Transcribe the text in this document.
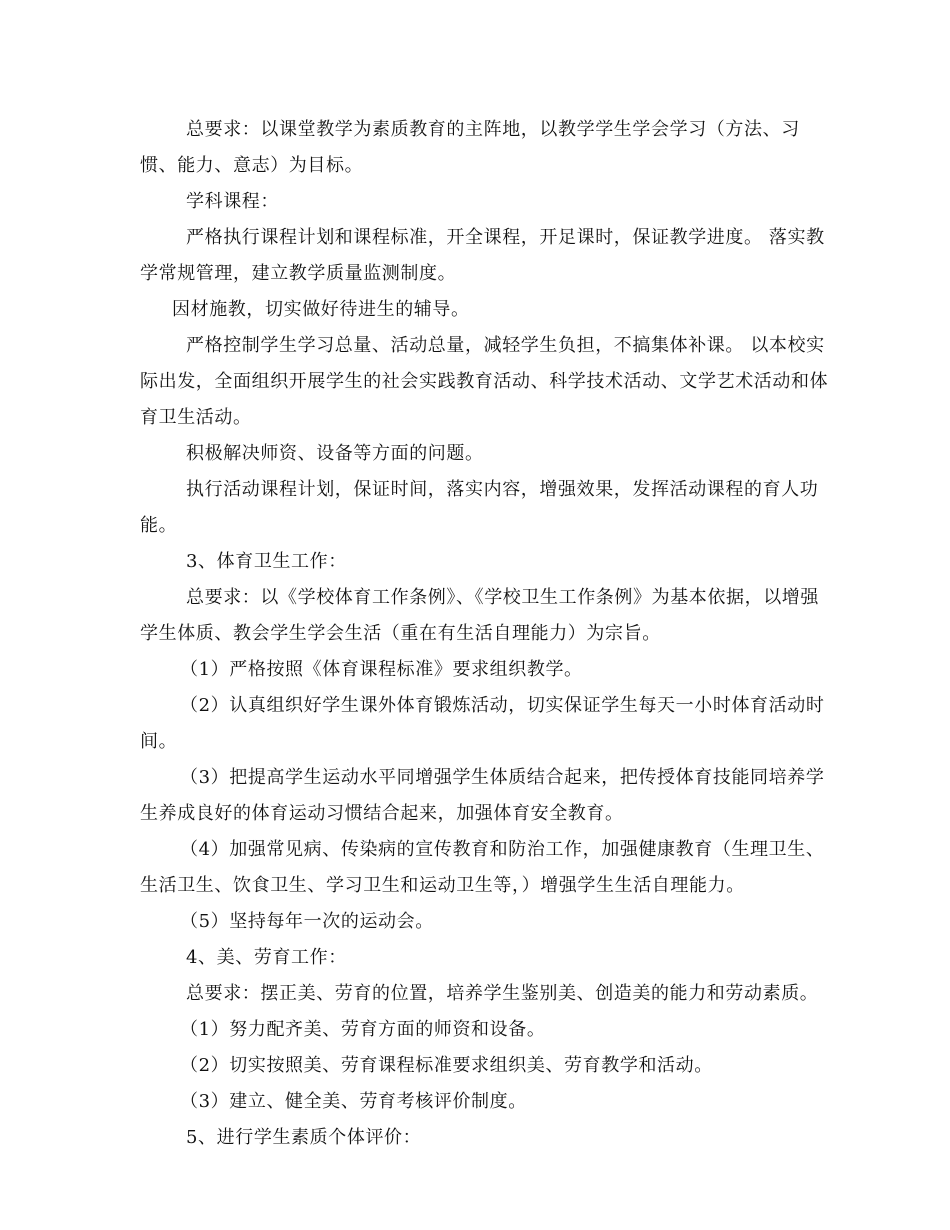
总要求：以课堂教学为素质教育的主阵地，以教学学生学会学习（方法、习惯、能力、意志）为目标。

学科课程：

严格执行课程计划和课程标准，开全课程，开足课时，保证教学进度。 落实教学常规管理，建立教学质量监测制度。

因材施教，切实做好待进生的辅导。

严格控制学生学习总量、活动总量，减轻学生负担，不搞集体补课。 以本校实际出发，全面组织开展学生的社会实践教育活动、科学技术活动、文学艺术活动和体育卫生活动。

积极解决师资、设备等方面的问题。

执行活动课程计划，保证时间，落实内容，增强效果，发挥活动课程的育人功能。

3、体育卫生工作：

总要求：以《学校体育工作条例》、《学校卫生工作条例》为基本依据，以增强学生体质、教会学生学会生活（重在有生活自理能力）为宗旨。

（1）严格按照《体育课程标准》要求组织教学。

（2）认真组织好学生课外体育锻炼活动，切实保证学生每天一小时体育活动时间。

（3）把提高学生运动水平同增强学生体质结合起来，把传授体育技能同培养学生养成良好的体育运动习惯结合起来，加强体育安全教育。

（4）加强常见病、传染病的宣传教育和防治工作，加强健康教育（生理卫生、生活卫生、饮食卫生、学习卫生和运动卫生等，）增强学生生活自理能力。

（5）坚持每年一次的运动会。

4、美、劳育工作：

总要求：摆正美、劳育的位置，培养学生鉴别美、创造美的能力和劳动素质。

（1）努力配齐美、劳育方面的师资和设备。

（2）切实按照美、劳育课程标准要求组织美、劳育教学和活动。

（3）建立、健全美、劳育考核评价制度。

5、进行学生素质个体评价：
